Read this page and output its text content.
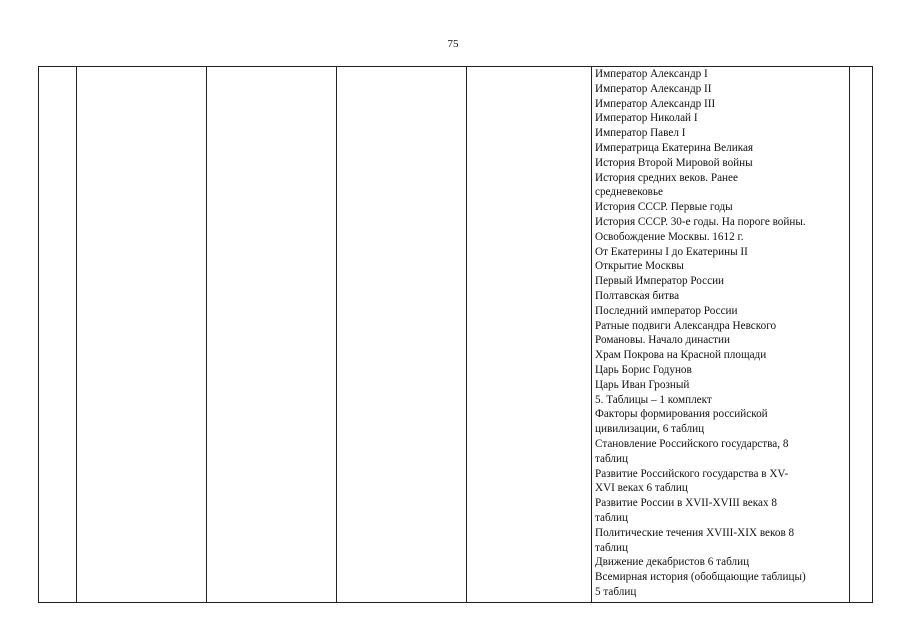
75

Император Александр I
Император Александр II
Император Александр III
Император Николай I
Император Павел I
Императрица Екатерина Великая
История Второй Мировой войны
История средних веков. Ранее
средневековье
История СССР. Первые годы
История СССР. 30-е годы. На пороге войны.
Освобождение Москвы. 1612 г.
От Екатерины I до Екатерины II
Открытие Москвы
Первый Император России
Полтавская битва
Последний император России
Ратные подвиги Александра Невского
Романовы. Начало династии
Храм Покрова на Красной площади
Царь Борис Годунов
Царь Иван Грозный
5. Таблицы – 1 комплект
Факторы формирования российской
цивилизации, 6 таблиц
Становление Российского государства, 8
таблиц
Развитие Российского государства в XV-
XVI веках 6 таблиц
Развитие России в XVII-XVIII веках 8
таблиц
Политические течения XVIII-XIX веков 8
таблиц
Движение декабристов 6 таблиц
Всемирная история (обобщающие таблицы)
5 таблиц
